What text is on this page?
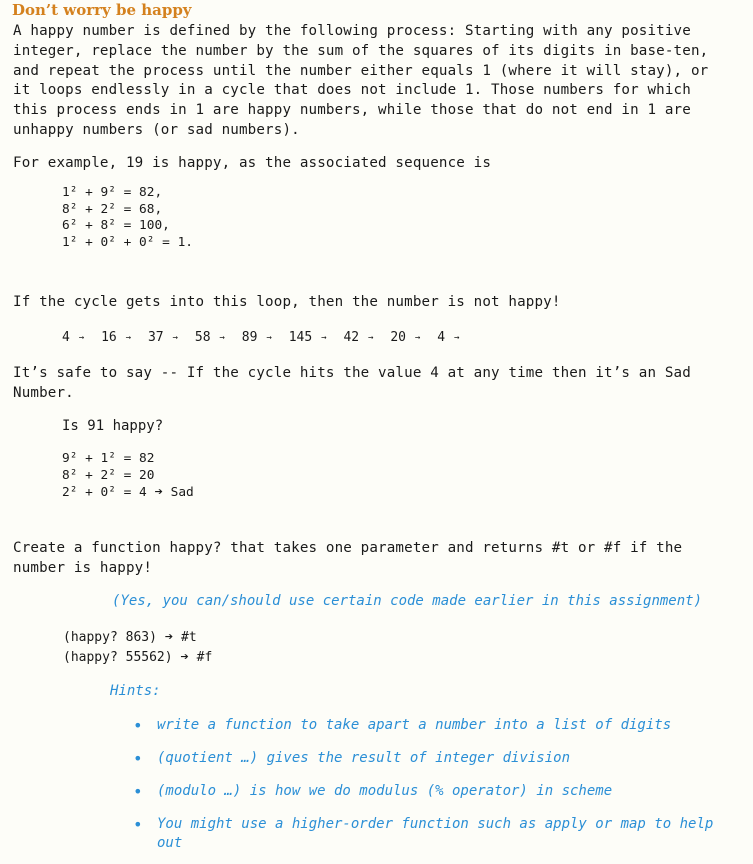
Don’t worry be happy

A happy number is defined by the following process: Starting with any positive
integer, replace the number by the sum of the squares of its digits in base-ten,
and repeat the process until the number either equals 1 (where it will stay), or
it loops endlessly in a cycle that does not include 1. Those numbers for which
this process ends in 1 are happy numbers, while those that do not end in 1 are
unhappy numbers (or sad numbers).

For example, 19 is happy, as the associated sequence is

1² + 9² = 82,
8² + 2² = 68,
6² + 8² = 100,
1² + 0² + 0² = 1.

If the cycle gets into this loop, then the number is not happy!

4 → 16 → 37 → 58 → 89 → 145 → 42 → 20 → 4 →

It’s safe to say -- If the cycle hits the value 4 at any time then it’s an Sad
Number.

Is 91 happy?

9² + 1² = 82
8² + 2² = 20
2² + 0² = 4 ➔ Sad

Create a function happy? that takes one parameter and returns #t or #f if the
number is happy!

(Yes, you can/should use certain code made earlier in this assignment)

(happy? 863) ➔ #t
(happy? 55562) ➔ #f

Hints:

• write a function to take apart a number into a list of digits
• (quotient …) gives the result of integer division
• (modulo …) is how we do modulus (% operator) in scheme
• You might use a higher-order function such as apply or map to help out
